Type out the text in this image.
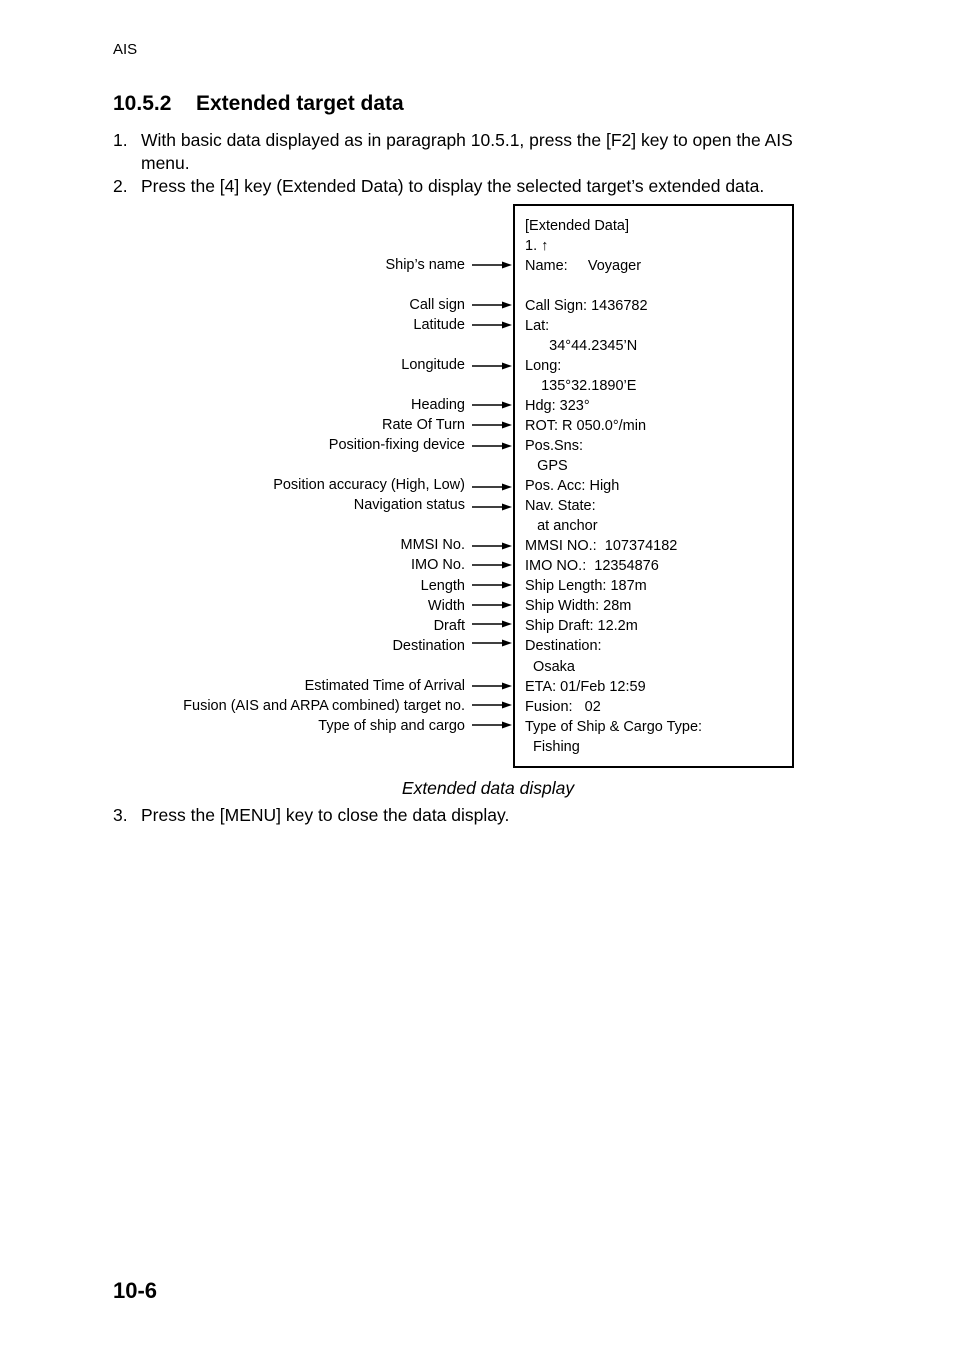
AIS
10.5.2 Extended target data
1. With basic data displayed as in paragraph 10.5.1, press the [F2] key to open the AIS menu.
2. Press the [4] key (Extended Data) to display the selected target’s extended data.
[Extended Data]
1. ↑
Name:     Voyager
Call Sign: 1436782
Lat:
34°44.2345’N
Long:
135°32.1890’E
Hdg: 323°
ROT: R 050.0°/min
Pos.Sns:
GPS
Pos. Acc: High
Nav. State:
at anchor
MMSI NO.:  107374182
IMO NO.:  12354876
Ship Length: 187m
Ship Width: 28m
Ship Draft: 12.2m
Destination:
Osaka
ETA: 01/Feb 12:59
Fusion:   02
Type of Ship & Cargo Type:
Fishing
Ship’s name
Call sign
Latitude
Longitude
Heading
Rate Of Turn
Position-fixing device
Position accuracy (High, Low)
Navigation status
MMSI No.
IMO No.
Length
Width
Draft
Destination
Estimated Time of Arrival
Fusion (AIS and ARPA combined) target no.
Type of ship and cargo
Extended data display
3. Press the [MENU] key to close the data display.
10-6
